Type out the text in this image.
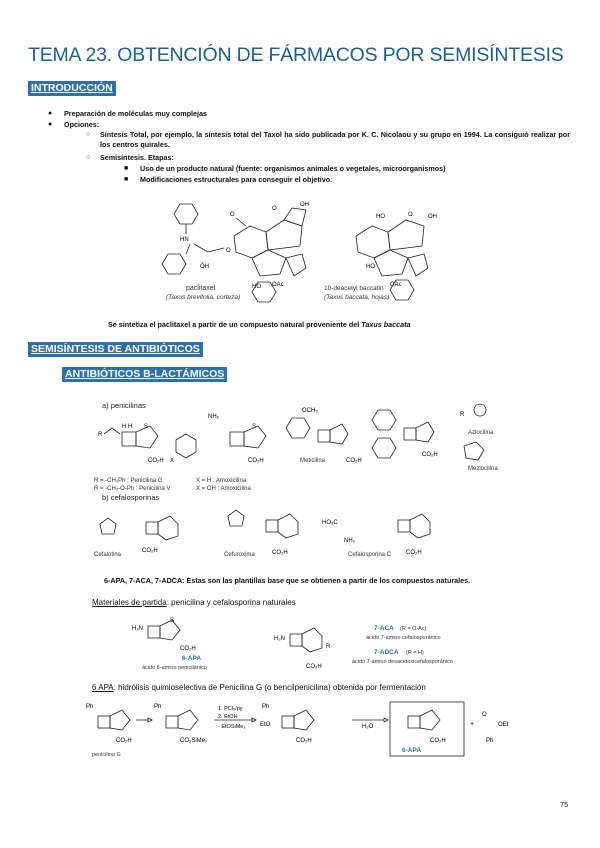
TEMA 23. OBTENCIÓN DE FÁRMACOS POR SEMISÍNTESIS
INTRODUCCIÓN
● Preparación de moléculas muy complejas
● Opciones:
○ Síntesis Total, por ejemplo, la síntesis total del Taxol ha sido publicada por K. C. Nicolaou y su grupo en 1994. La consiguió realizar por los centros quirales.
○ Semisíntesis. Etapas:
■ Uso de un producto natural (fuente: organismos animales o vegetales, microorganismos)
■ Modificaciones estructurales para conseguir el objetivo.
HN
ŌH
O
O
O
OH
HO OAc
paclitaxel
(Taxus brevifolia, corteza)
HO	O	OH
HO
OAc
10-deacetyl baccatin
(Taxus baccata, hojas)
Se sintetiza el paclitaxel a partir de un compuesto natural proveniente del Taxus baccata
SEMISÍNTESIS DE ANTIBIÓTICOS
ANTIBIÓTICOS B-LACTÁMICOS
a) penicilinas
R
H H S
CO₂H X
NH₂
S
CO₂H
OCH₃
CO₂H
CO₂H
R
R = -CH₂Ph : Penicilina G
R = -CH₂-O-Ph : Penicilina V
X = H : Amoxicilina
X = OH : Amoxicilina
Meticilina
Azlocilina
Mezlocilina
b) cefalosporinas
Cefalotina
CO₂H
Cefuroxima	CO₂H
HO₂C
NH₂
Cefalosporina C CO₂H
6-APA, 7-ACA, 7-ADCA: Estas son las plantillas base que se obtienen a partir de los compuestos naturales.
Materiales de partida: penicilina y cefalosporina naturales
H₂N
S
CO₂H
6-APA
ácido 6-amino penicilánico
H₂N
CO₂H
R
7-ACA (R = O-Ac)
ácido 7-amino cefalosporánico
7-ADCA (R = H)
ácido 7-amino desacetoxicefalosporánico
6 APA: hidrólisis quimioselectiva de Penicilina G (o bencilpenicilina) obtenida por fermentación
Ph
CO₂H
penicilina G
Ph
CO₂SiMe₃
1. PCl₅/py
2. EtOH
- EtOSiMe₃
Ph
EtO
CO₂H
H₂O
CO₂H
6-APA
+
O
OEt
Ph
75
